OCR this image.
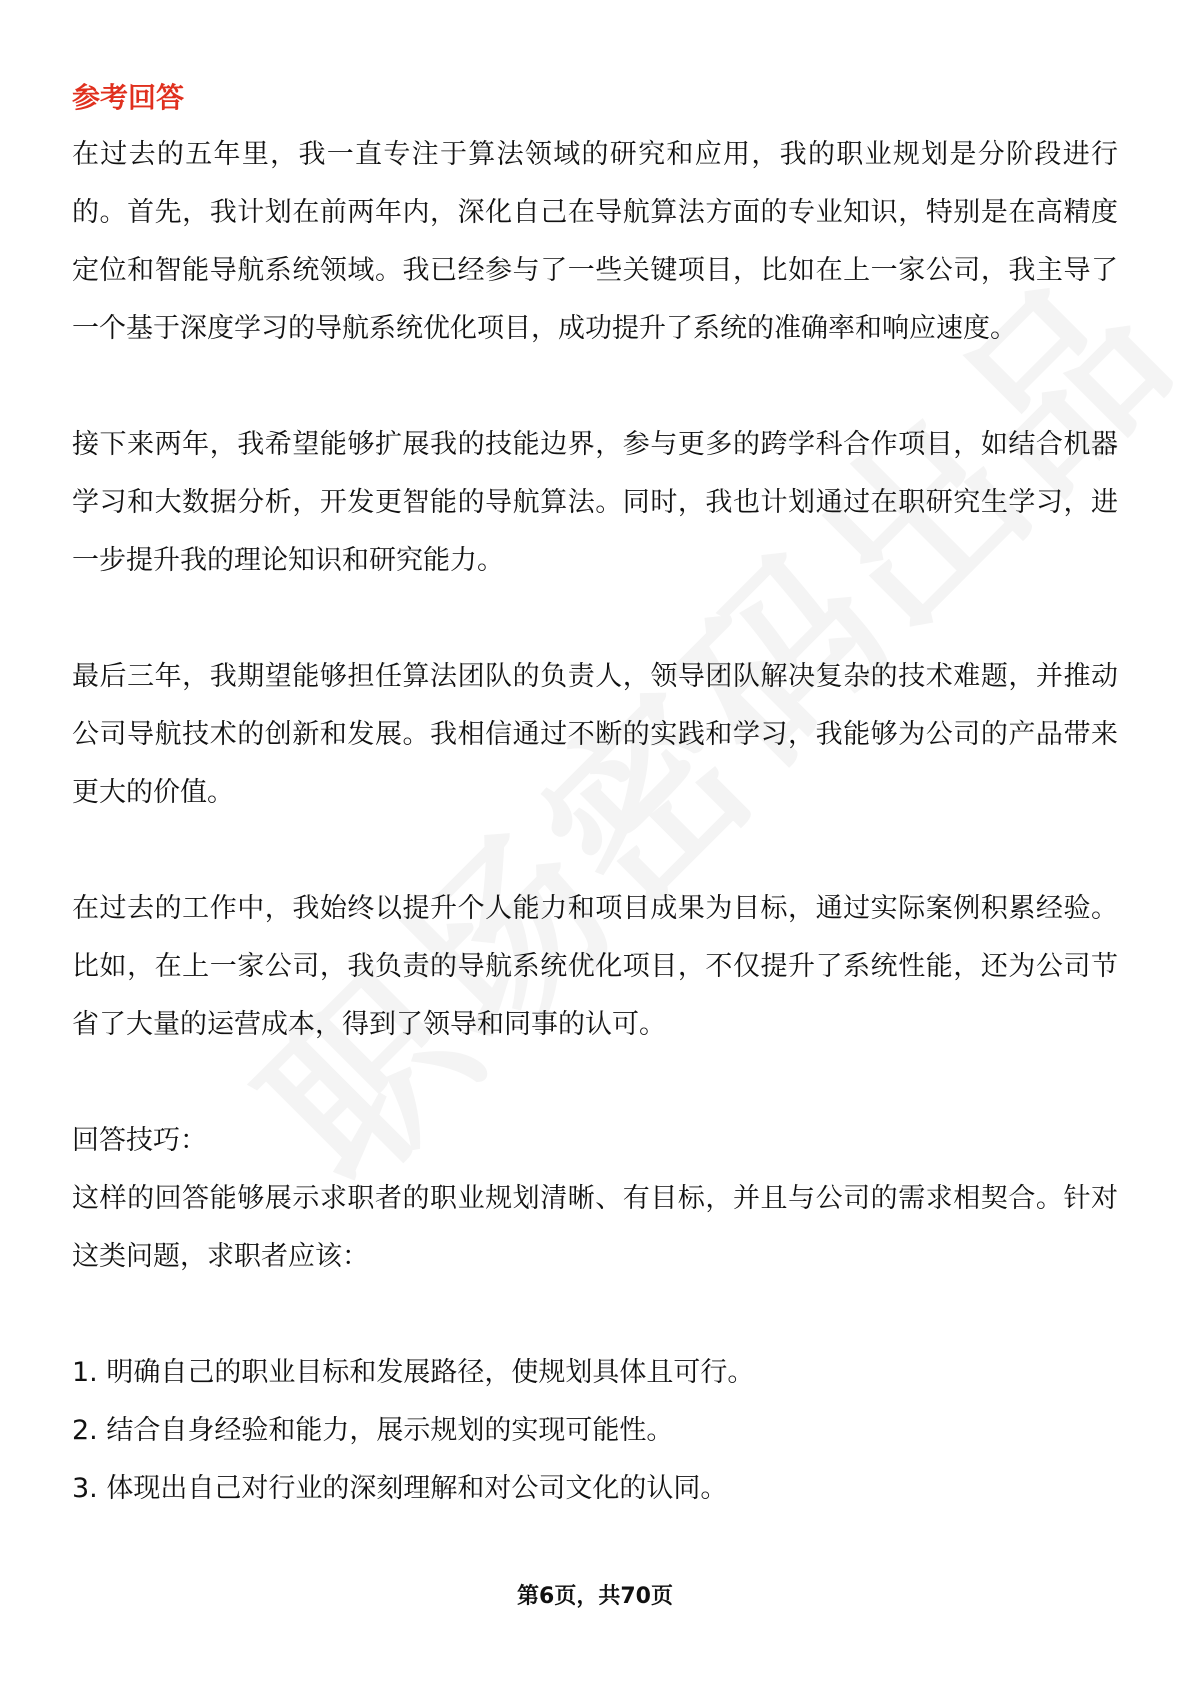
参考回答

在过去的五年里，我一直专注于算法领域的研究和应用，我的职业规划是分阶段进行的。首先，我计划在前两年内，深化自己在导航算法方面的专业知识，特别是在高精度定位和智能导航系统领域。我已经参与了一些关键项目，比如在上一家公司，我主导了一个基于深度学习的导航系统优化项目，成功提升了系统的准确率和响应速度。

接下来两年，我希望能够扩展我的技能边界，参与更多的跨学科合作项目，如结合机器学习和大数据分析，开发更智能的导航算法。同时，我也计划通过在职研究生学习，进一步提升我的理论知识和研究能力。

最后三年，我期望能够担任算法团队的负责人，领导团队解决复杂的技术难题，并推动公司导航技术的创新和发展。我相信通过不断的实践和学习，我能够为公司的产品带来更大的价值。

在过去的工作中，我始终以提升个人能力和项目成果为目标，通过实际案例积累经验。比如，在上一家公司，我负责的导航系统优化项目，不仅提升了系统性能，还为公司节省了大量的运营成本，得到了领导和同事的认可。

回答技巧：

这样的回答能够展示求职者的职业规划清晰、有目标，并且与公司的需求相契合。针对这类问题，求职者应该：

1. 明确自己的职业目标和发展路径，使规划具体且可行。
2. 结合自身经验和能力，展示规划的实现可能性。
3. 体现出自己对行业的深刻理解和对公司文化的认同。
第6页，共70页
